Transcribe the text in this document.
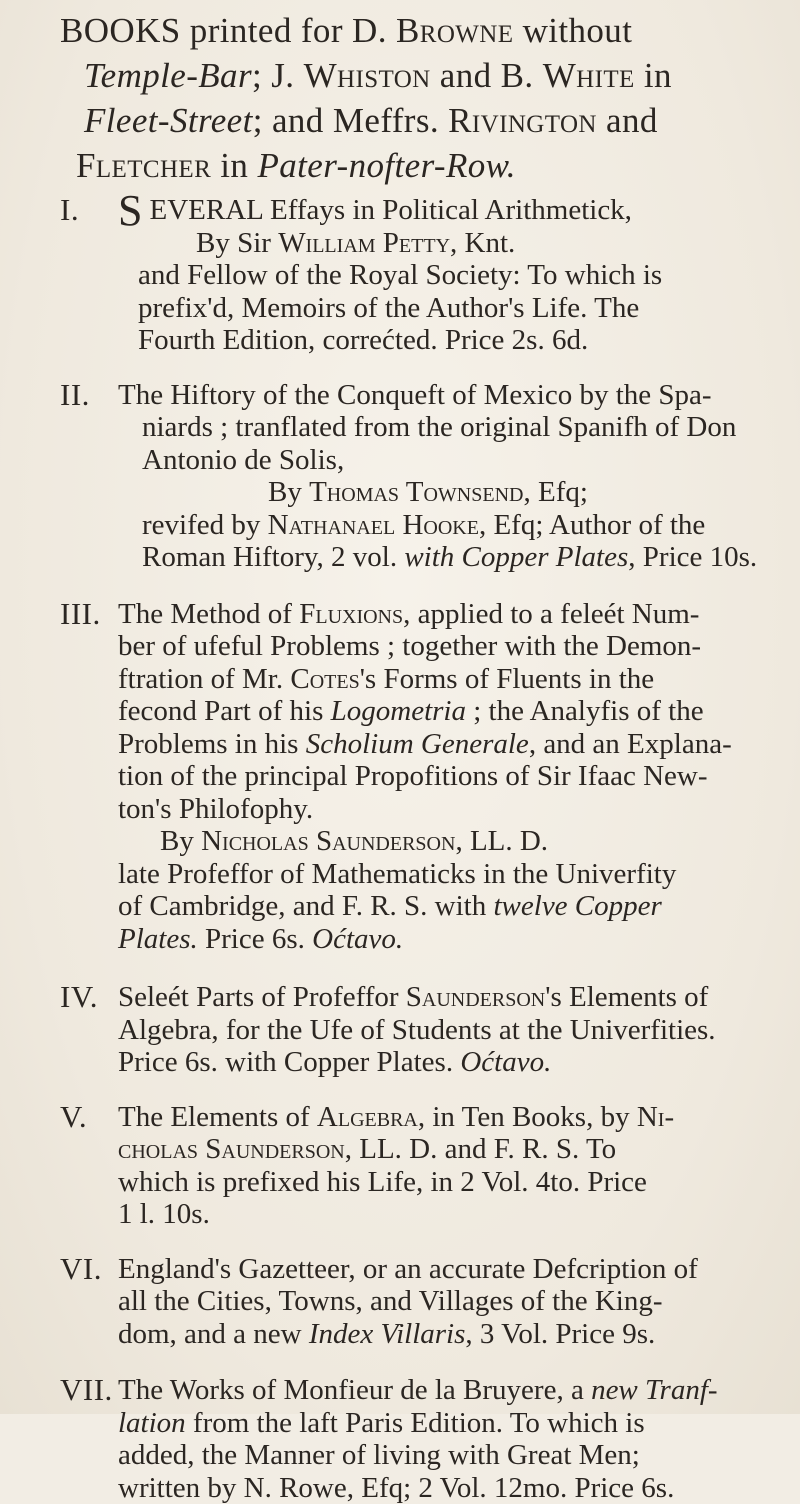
BOOKS printed for D. Browne without
Temple-Bar; J. Whiston and B. White in
Fleet-Street; and Meffrs. Rivington and
Fletcher in Pater-nofter-Row.
I. SEVERAL Effays in Political Arithmetick,
By Sir William Petty, Knt.
and Fellow of the Royal Society: To which is
prefix'd, Memoirs of the Author's Life. The
Fourth Edition, correćted. Price 2s. 6d.
II. The Hiftory of the Conqueft of Mexico by the Spa-
niards ; tranflated from the original Spanifh of Don
Antonio de Solis,
By Thomas Townsend, Efq;
revifed by Nathanael Hooke, Efq; Author of the
Roman Hiftory, 2 vol. with Copper Plates, Price 10s.
III. The Method of Fluxions, applied to a feleét Num-
ber of ufeful Problems ; together with the Demon-
ftration of Mr. Cotes's Forms of Fluents in the
fecond Part of his Logometria ; the Analyfis of the
Problems in his Scholium Generale, and an Explana-
tion of the principal Propofitions of Sir Ifaac New-
ton's Philofophy.
By Nicholas Saunderson, LL. D.
late Profeffor of Mathematicks in the Univerfity
of Cambridge, and F. R. S. with twelve Copper
Plates. Price 6s. Oćtavo.
IV. Seleét Parts of Profeffor Saunderson's Elements of
Algebra, for the Ufe of Students at the Univerfities.
Price 6s. with Copper Plates. Oćtavo.
V.	The Elements of Algebra, in Ten Books, by Ni-
cholas Saunderson, LL. D. and F. R. S. To
which is prefixed his Life, in 2 Vol. 4to. Price
1 l. 10s.
VI. England's Gazetteer, or an accurate Defcription of
all the Cities, Towns, and Villages of the King-
dom, and a new Index Villaris, 3 Vol. Price 9s.
VII. The Works of Monfieur de la Bruyere, a new Tranf-
lation from the laft Paris Edition. To which is
added, the Manner of living with Great Men;
written by N. Rowe, Efq; 2 Vol. 12mo. Price 6s.
